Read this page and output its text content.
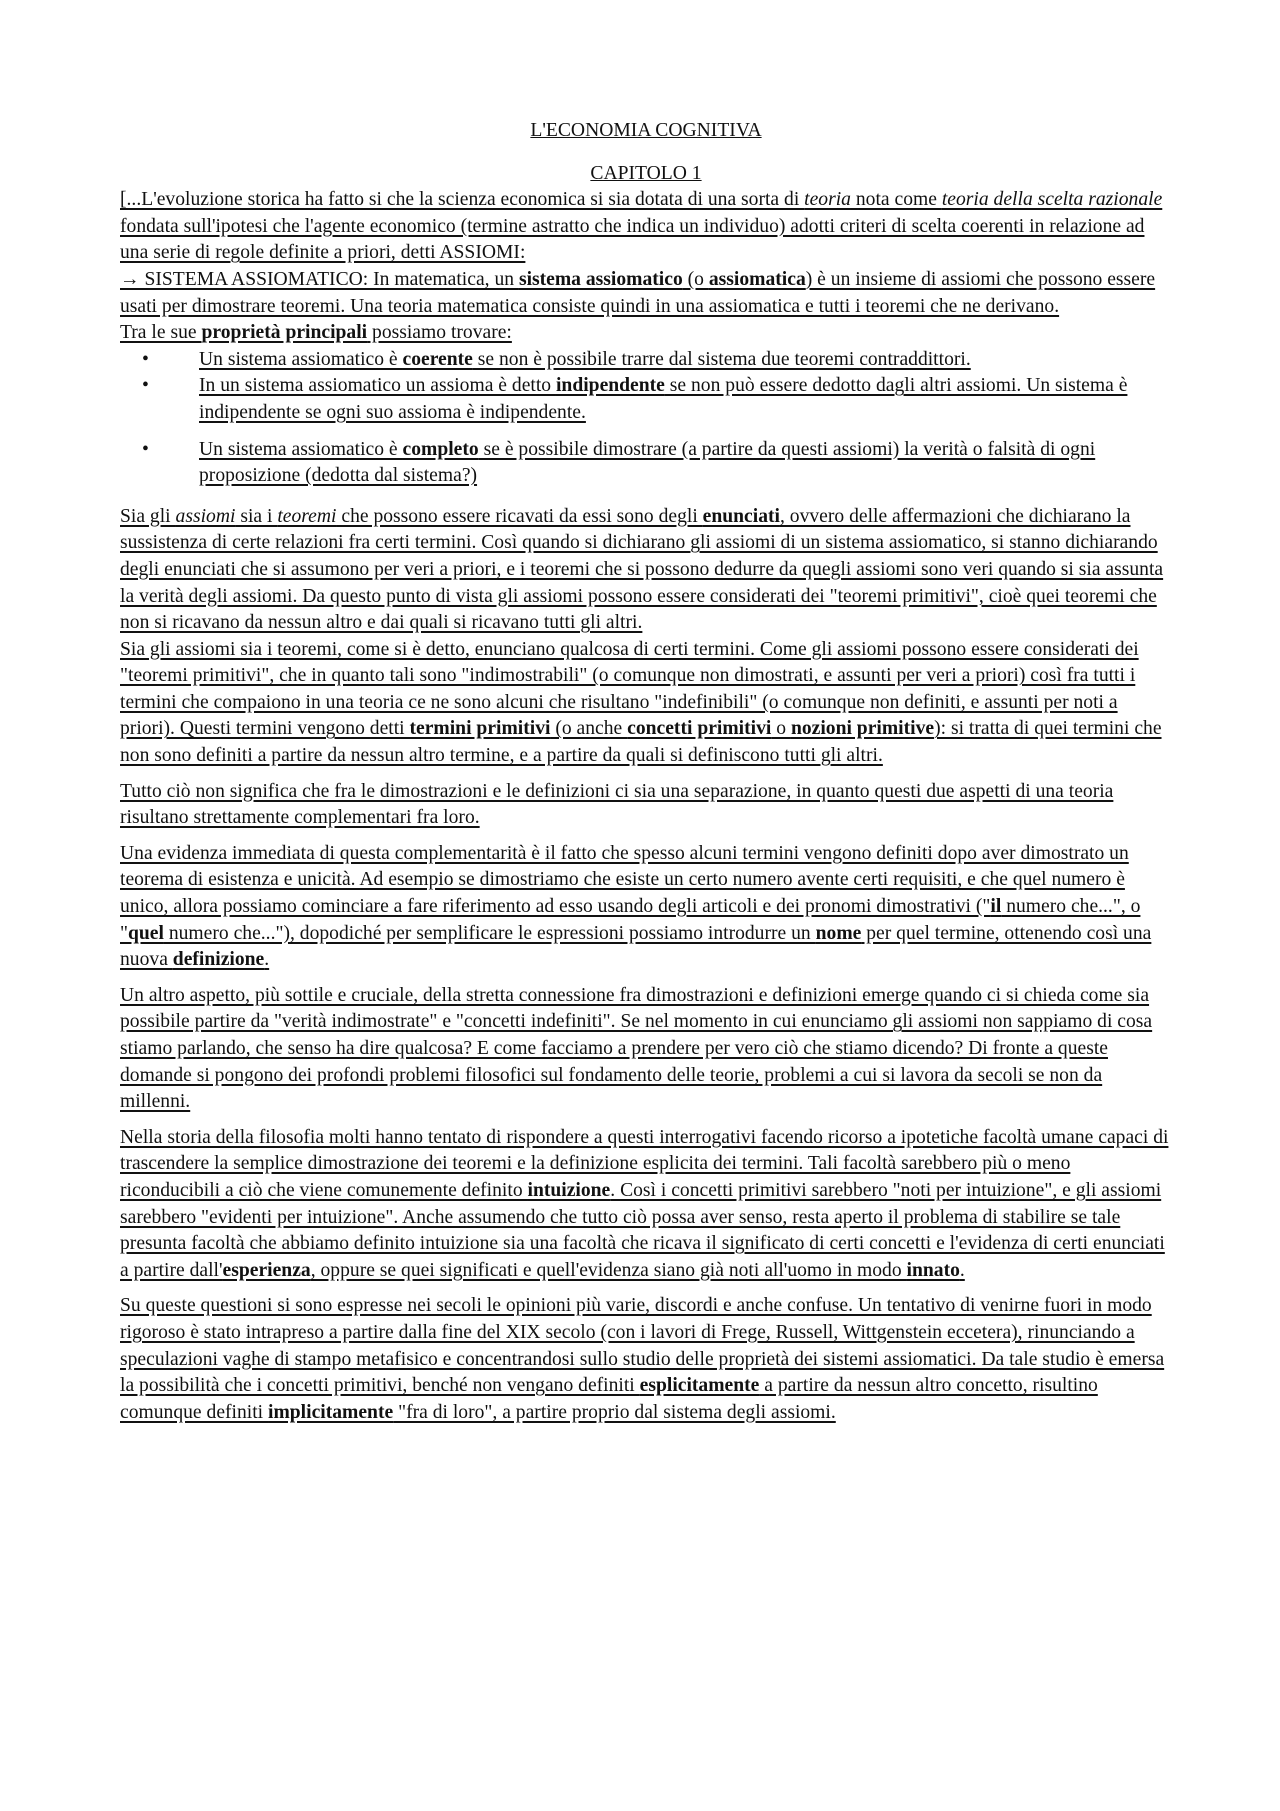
L'ECONOMIA COGNITIVA
CAPITOLO 1

[...L'evoluzione storica ha fatto si che la scienza economica si sia dotata di una sorta di teoria nota come teoria della scelta razionale fondata sull'ipotesi che l'agente economico (termine astratto che indica un individuo) adotti criteri di scelta coerenti in relazione ad una serie di regole definite a priori, detti ASSIOMI:

→ SISTEMA ASSIOMATICO: In matematica, un sistema assiomatico (o assiomatica) è un insieme di assiomi che possono essere usati per dimostrare teoremi. Una teoria matematica consiste quindi in una assiomatica e tutti i teoremi che ne derivano.

Tra le sue proprietà principali possiamo trovare:

•	Un sistema assiomatico è coerente se non è possibile trarre dal sistema due teoremi contraddittori.
•	In un sistema assiomatico un assioma è detto indipendente se non può essere dedotto dagli altri assiomi. Un sistema è indipendente se ogni suo assioma è indipendente.
•	Un sistema assiomatico è completo se è possibile dimostrare (a partire da questi assiomi) la verità o falsità di ogni proposizione (dedotta dal sistema?)

Sia gli assiomi sia i teoremi che possono essere ricavati da essi sono degli enunciati, ovvero delle affermazioni che dichiarano la sussistenza di certe relazioni fra certi termini. Così quando si dichiarano gli assiomi di un sistema assiomatico, si stanno dichiarando degli enunciati che si assumono per veri a priori, e i teoremi che si possono dedurre da quegli assiomi sono veri quando si sia assunta la verità degli assiomi. Da questo punto di vista gli assiomi possono essere considerati dei "teoremi primitivi", cioè quei teoremi che non si ricavano da nessun altro e dai quali si ricavano tutti gli altri.

Sia gli assiomi sia i teoremi, come si è detto, enunciano qualcosa di certi termini. Come gli assiomi possono essere considerati dei "teoremi primitivi", che in quanto tali sono "indimostrabili" (o comunque non dimostrati, e assunti per veri a priori) così fra tutti i termini che compaiono in una teoria ce ne sono alcuni che risultano "indefinibili" (o comunque non definiti, e assunti per noti a priori). Questi termini vengono detti termini primitivi (o anche concetti primitivi o nozioni primitive): si tratta di quei termini che non sono definiti a partire da nessun altro termine, e a partire da quali si definiscono tutti gli altri.

Tutto ciò non significa che fra le dimostrazioni e le definizioni ci sia una separazione, in quanto questi due aspetti di una teoria risultano strettamente complementari fra loro.

Una evidenza immediata di questa complementarità è il fatto che spesso alcuni termini vengono definiti dopo aver dimostrato un teorema di esistenza e unicità. Ad esempio se dimostriamo che esiste un certo numero avente certi requisiti, e che quel numero è unico, allora possiamo cominciare a fare riferimento ad esso usando degli articoli e dei pronomi dimostrativi ("il numero che...", o "quel numero che..."), dopodiché per semplificare le espressioni possiamo introdurre un nome per quel termine, ottenendo così una nuova definizione.

Un altro aspetto, più sottile e cruciale, della stretta connessione fra dimostrazioni e definizioni emerge quando ci si chieda come sia possibile partire da "verità indimostrate" e "concetti indefiniti". Se nel momento in cui enunciamo gli assiomi non sappiamo di cosa stiamo parlando, che senso ha dire qualcosa? E come facciamo a prendere per vero ciò che stiamo dicendo? Di fronte a queste domande si pongono dei profondi problemi filosofici sul fondamento delle teorie, problemi a cui si lavora da secoli se non da millenni.

Nella storia della filosofia molti hanno tentato di rispondere a questi interrogativi facendo ricorso a ipotetiche facoltà umane capaci di trascendere la semplice dimostrazione dei teoremi e la definizione esplicita dei termini. Tali facoltà sarebbero più o meno riconducibili a ciò che viene comunemente definito intuizione. Così i concetti primitivi sarebbero "noti per intuizione", e gli assiomi sarebbero "evidenti per intuizione". Anche assumendo che tutto ciò possa aver senso, resta aperto il problema di stabilire se tale presunta facoltà che abbiamo definito intuizione sia una facoltà che ricava il significato di certi concetti e l'evidenza di certi enunciati a partire dall'esperienza, oppure se quei significati e quell'evidenza siano già noti all'uomo in modo innato.

Su queste questioni si sono espresse nei secoli le opinioni più varie, discordi e anche confuse. Un tentativo di venirne fuori in modo rigoroso è stato intrapreso a partire dalla fine del XIX secolo (con i lavori di Frege, Russell, Wittgenstein eccetera), rinunciando a speculazioni vaghe di stampo metafisico e concentrandosi sullo studio delle proprietà dei sistemi assiomatici. Da tale studio è emersa la possibilità che i concetti primitivi, benché non vengano definiti esplicitamente a partire da nessun altro concetto, risultino comunque definiti implicitamente "fra di loro", a partire proprio dal sistema degli assiomi.
